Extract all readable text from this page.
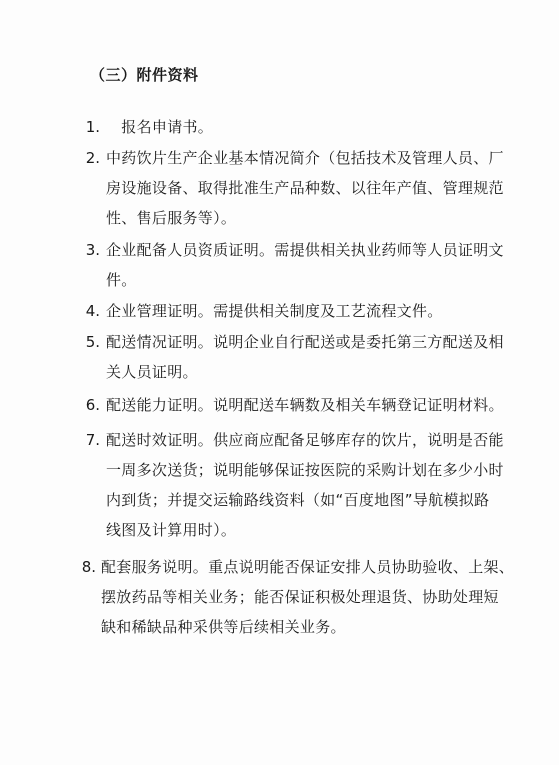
（三）附件资料
1. 　报名申请书。
2. 中药饮片生产企业基本情况简介（包括技术及管理人员、厂
房设施设备、取得批准生产品种数、以往年产值、管理规范
性、售后服务等）。
3. 企业配备人员资质证明。需提供相关执业药师等人员证明文
件。
4. 企业管理证明。需提供相关制度及工艺流程文件。
5. 配送情况证明。说明企业自行配送或是委托第三方配送及相
关人员证明。
6. 配送能力证明。说明配送车辆数及相关车辆登记证明材料。
7. 配送时效证明。供应商应配备足够库存的饮片，说明是否能
一周多次送货；说明能够保证按医院的采购计划在多少小时
内到货；并提交运输路线资料（如“百度地图”导航模拟路
线图及计算用时）。
8. 配套服务说明。重点说明能否保证安排人员协助验收、上架、
摆放药品等相关业务；能否保证积极处理退货、协助处理短
缺和稀缺品种采供等后续相关业务。
